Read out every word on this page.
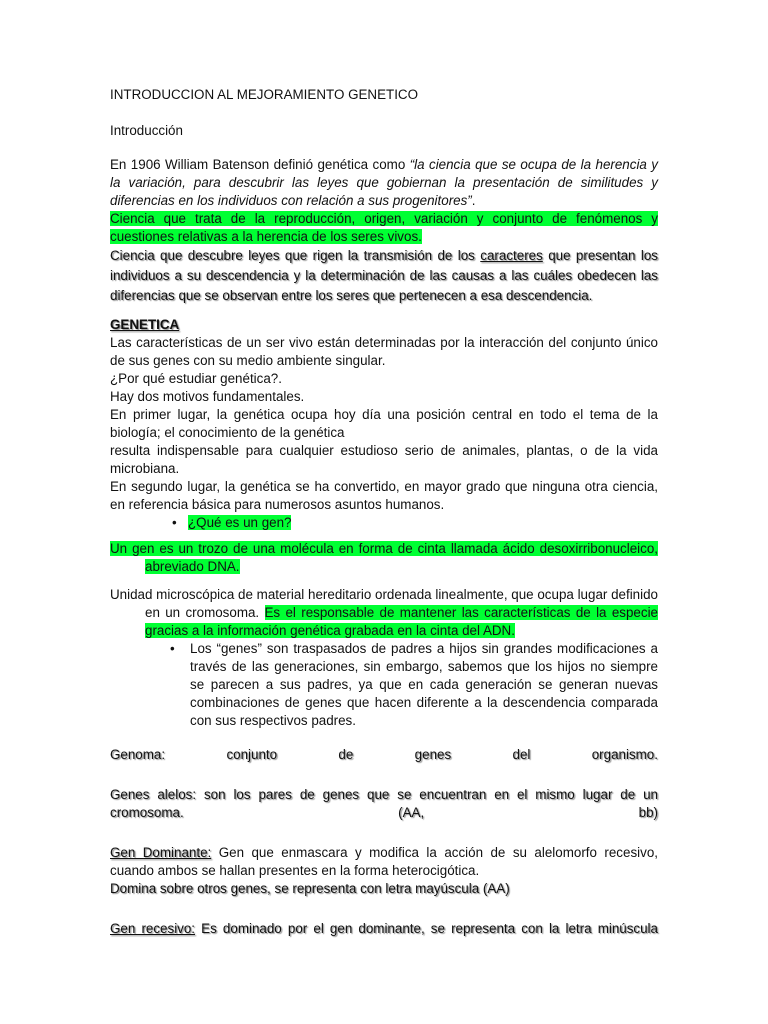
INTRODUCCION AL MEJORAMIENTO GENETICO

Introducción

En 1906 William Batenson definió genética como “la ciencia que se ocupa de la herencia y la variación, para descubrir las leyes que gobiernan la presentación de similitudes y diferencias en los individuos con relación a sus progenitores”.

Ciencia que trata de la reproducción, origen, variación y conjunto de fenómenos y cuestiones relativas a la herencia de los seres vivos.

Ciencia que descubre leyes que rigen la transmisión de los caracteres que presentan los individuos a su descendencia y la determinación de las causas a las cuáles obedecen las diferencias que se observan entre los seres que pertenecen a esa descendencia.

GENETICA

Las características de un ser vivo están determinadas por la interacción del conjunto único de sus genes con su medio ambiente singular.

¿Por qué estudiar genética?.

Hay dos motivos fundamentales.

En primer lugar, la genética ocupa hoy día una posición central en todo el tema de la biología; el conocimiento de la genética

resulta indispensable para cualquier estudioso serio de animales, plantas, o de la vida microbiana.

En segundo lugar, la genética se ha convertido, en mayor grado que ninguna otra ciencia, en referencia básica para numerosos asuntos humanos.

• ¿Qué es un gen?

Un gen es un trozo de una molécula en forma de cinta llamada ácido desoxirribonucleico, abreviado DNA.

Unidad microscópica de material hereditario ordenada linealmente, que ocupa lugar definido en un cromosoma. Es el responsable de mantener las características de la especie gracias a la información genética grabada en la cinta del ADN.

• Los “genes” son traspasados de padres a hijos sin grandes modificaciones a través de las generaciones, sin embargo, sabemos que los hijos no siempre se parecen a sus padres, ya que en cada generación se generan nuevas combinaciones de genes que hacen diferente a la descendencia comparada con sus respectivos padres.

Genoma:	conjunto	de	genes	del	organismo.

Genes alelos: son los pares de genes que se encuentran en el mismo lugar de un

cromosoma.	(AA,	bb)

Gen Dominante: Gen que enmascara y modifica la acción de su alelomorfo recesivo, cuando ambos se hallan presentes en la forma heterocigótica.

Domina sobre otros genes, se representa con letra mayúscula (AA)

Gen recesivo: Es dominado por el gen dominante, se representa con la letra minúscula
